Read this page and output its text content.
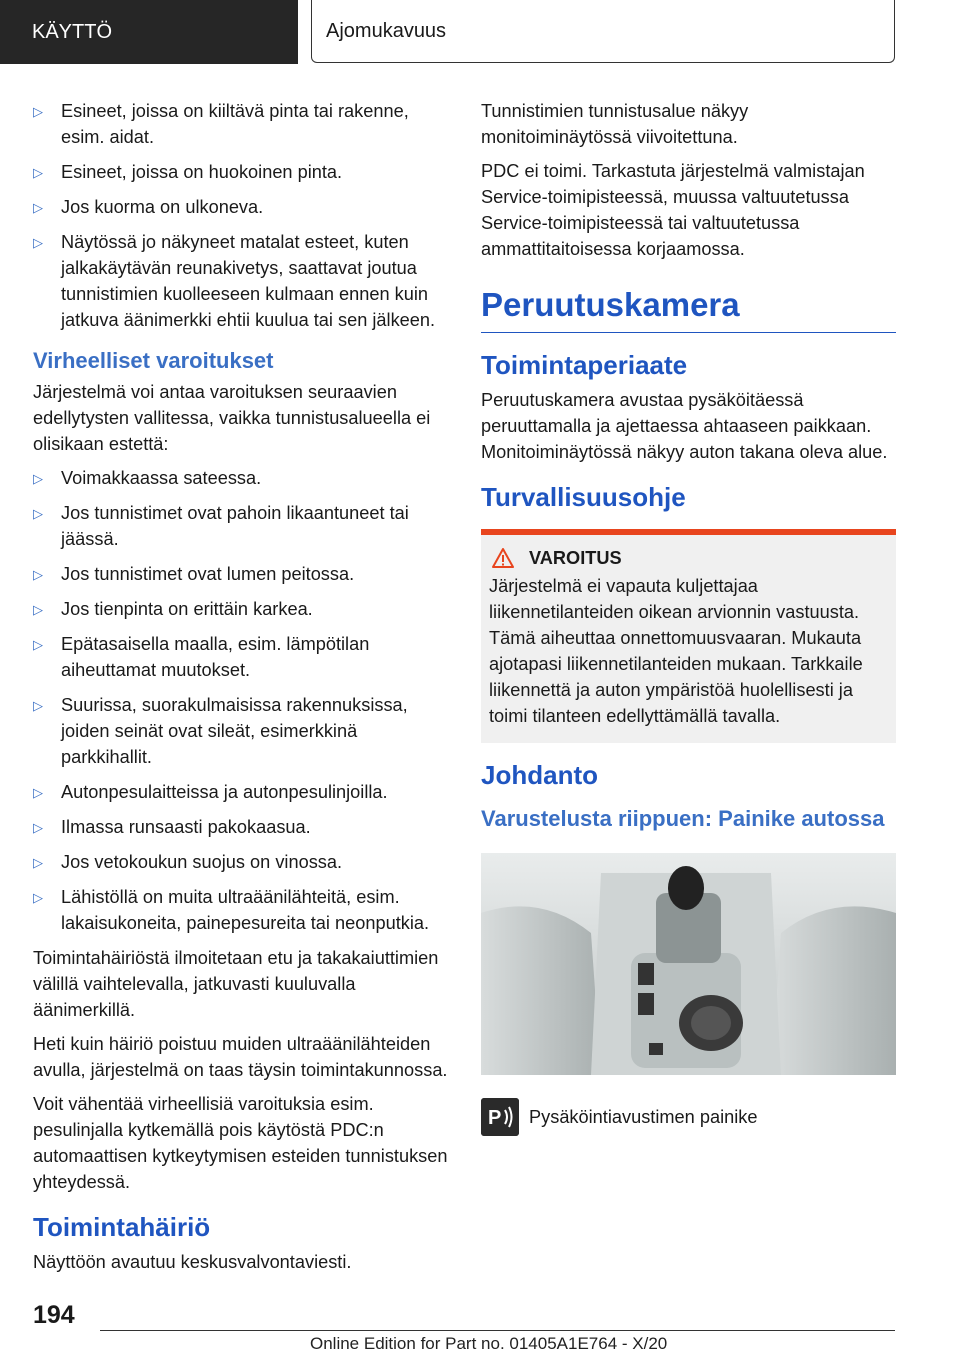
KÄYTTÖ	Ajomukavuus
▷ Esineet, joissa on kiiltävä pinta tai rakenne, esim. aidat.
▷ Esineet, joissa on huokoinen pinta.
▷ Jos kuorma on ulkoneva.
▷ Näytössä jo näkyneet matalat esteet, kuten jalkakäytävän reunakivetys, saattavat joutua tunnistimien kuolleeseen kulmaan ennen kuin jatkuva äänimerkki ehtii kuulua tai sen jälkeen.
Virheelliset varoitukset

Järjestelmä voi antaa varoituksen seuraavien edellytysten vallitessa, vaikka tunnistusalueella ei olisikaan estettä:

▷ Voimakkaassa sateessa.
▷ Jos tunnistimet ovat pahoin likaantuneet tai jäässä.
▷ Jos tunnistimet ovat lumen peitossa.
▷ Jos tienpinta on erittäin karkea.
▷ Epätasaisella maalla, esim. lämpötilan aiheuttamat muutokset.
▷ Suurissa, suorakulmaisissa rakennuksissa, joiden seinät ovat sileät, esimerkkinä parkkihallit.
▷ Autonpesulaitteissa ja autonpesulinjoilla.
▷ Ilmassa runsaasti pakokaasua.
▷ Jos vetokoukun suojus on vinossa.
▷ Lähistöllä on muita ultraäänilähteitä, esim. lakaisukoneita, painepesureita tai neonputkia.

Toimintahäiriöstä ilmoitetaan etu ja takakaiuttimien välillä vaihtelevalla, jatkuvasti kuuluvalla äänimerkillä.

Heti kuin häiriö poistuu muiden ultraäänilähteiden avulla, järjestelmä on taas täysin toimintakunnossa.

Voit vähentää virheellisiä varoituksia esim. pesulinjalla kytkemällä pois käytöstä PDC:n automaattisen kytkeytymisen esteiden tunnistuksen yhteydessä.

Toimintahäiriö

Näyttöön avautuu keskusvalvontaviesti.

Tunnistimien tunnistusalue näkyy monitoiminäytössä viivoitettuna.

PDC ei toimi. Tarkastuta järjestelmä valmistajan Service-toimipisteessä, muussa valtuutetussa Service-toimipisteessä tai valtuutetussa ammattitaitoisessa korjaamossa.

Peruutuskamera
Toimintaperiaate

Peruutuskamera avustaa pysäköitäessä peruuttamalla ja ajettaessa ahtaaseen paikkaan. Monitoiminäytössä näkyy auton takana oleva alue.

Turvallisuusohje
VAROITUS

Järjestelmä ei vapauta kuljettajaa liikennetilanteiden oikean arvionnin vastuusta. Tämä aiheuttaa onnettomuusvaaran. Mukauta ajotapasi liikennetilanteiden mukaan. Tarkkaile liikennettä ja auton ympäristöä huolellisesti ja toimi tilanteen edellyttämällä tavalla.

Johdanto
Varustelusta riippuen: Painike autossa
P Pysäköintiavustimen painike
194
Online Edition for Part no. 01405A1E764 - X/20
